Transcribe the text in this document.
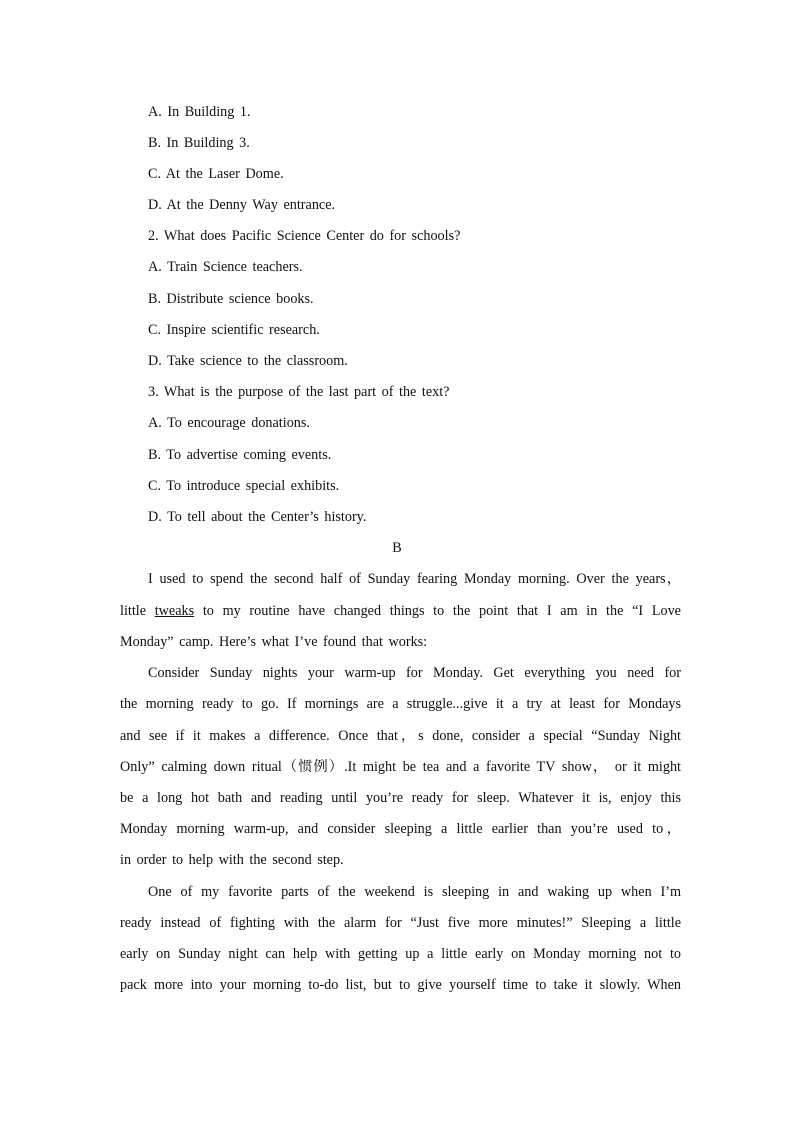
A. In Building 1.
B. In Building 3.
C. At the Laser Dome.
D. At the Denny Way entrance.
2. What does Pacific Science Center do for schools?
A. Train Science teachers.
B. Distribute science books.
C. Inspire scientific research.
D. Take science to the classroom.
3. What is the purpose of the last part of the text?
A. To encourage donations.
B. To advertise coming events.
C. To introduce special exhibits.
D. To tell about the Center’s history.
B
I used to spend the second half of Sunday fearing Monday morning. Over the years，
little tweaks to my routine have changed things to the point that I am in the “I Love
Monday” camp. Here’s what I’ve found that works:
Consider Sunday nights your warm-up for Monday. Get everything you need for
the morning ready to go. If mornings are a struggle...give it a try at least for Mondays
and see if it makes a difference. Once that，s done, consider a special “Sunday Night
Only” calming down ritual（惯例）.It might be tea and a favorite TV show， or it might
be a long hot bath and reading until you’re ready for sleep. Whatever it is, enjoy this
Monday morning warm-up, and consider sleeping a little earlier than you’re used to，
in order to help with the second step.
One of my favorite parts of the weekend is sleeping in and waking up when I’m
ready instead of fighting with the alarm for “Just five more minutes!” Sleeping a little
early on Sunday night can help with getting up a little early on Monday morning not to
pack more into your morning to-do list, but to give yourself time to take it slowly. When
